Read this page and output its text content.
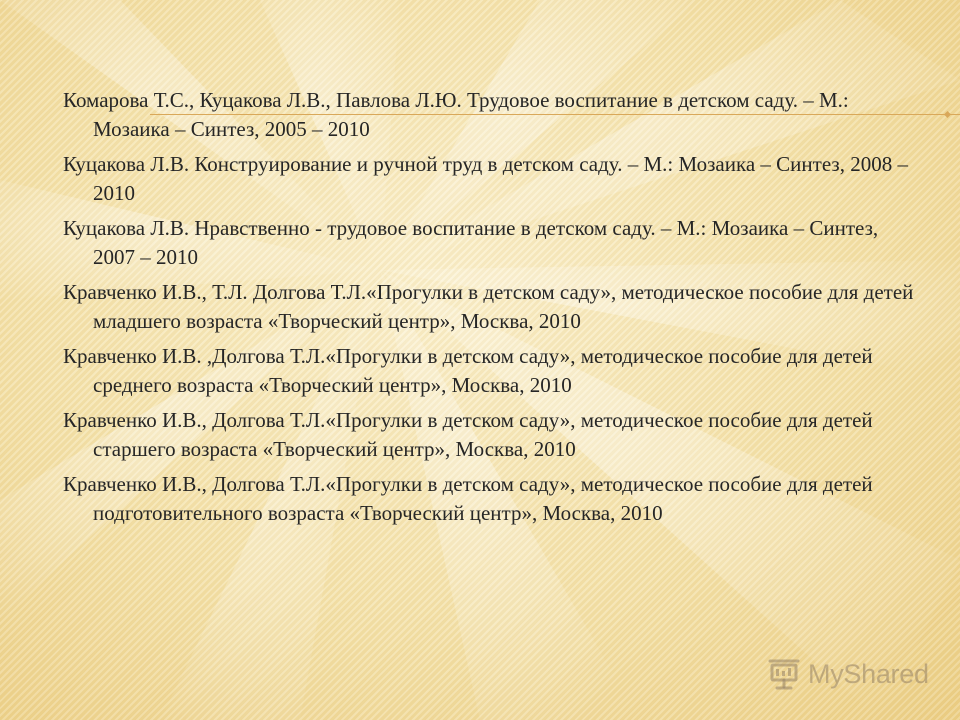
Комарова Т.С., Куцакова Л.В., Павлова Л.Ю. Трудовое воспитание в детском саду. – М.: Мозаика – Синтез, 2005 – 2010
Куцакова Л.В. Конструирование и ручной труд в детском саду. – М.: Мозаика – Синтез, 2008 – 2010
Куцакова Л.В. Нравственно - трудовое воспитание в детском саду. – М.: Мозаика – Синтез, 2007 – 2010
Кравченко И.В., Т.Л. Долгова Т.Л.«Прогулки в детском саду», методическое пособие для детей младшего возраста «Творческий центр», Москва, 2010
Кравченко И.В. ,Долгова Т.Л.«Прогулки в детском саду», методическое пособие для детей среднего возраста «Творческий центр», Москва, 2010
Кравченко И.В., Долгова Т.Л.«Прогулки в детском саду», методическое пособие для детей старшего возраста «Творческий центр», Москва, 2010
Кравченко И.В., Долгова Т.Л.«Прогулки в детском саду», методическое пособие для детей подготовительного возраста «Творческий центр», Москва, 2010
MyShared
